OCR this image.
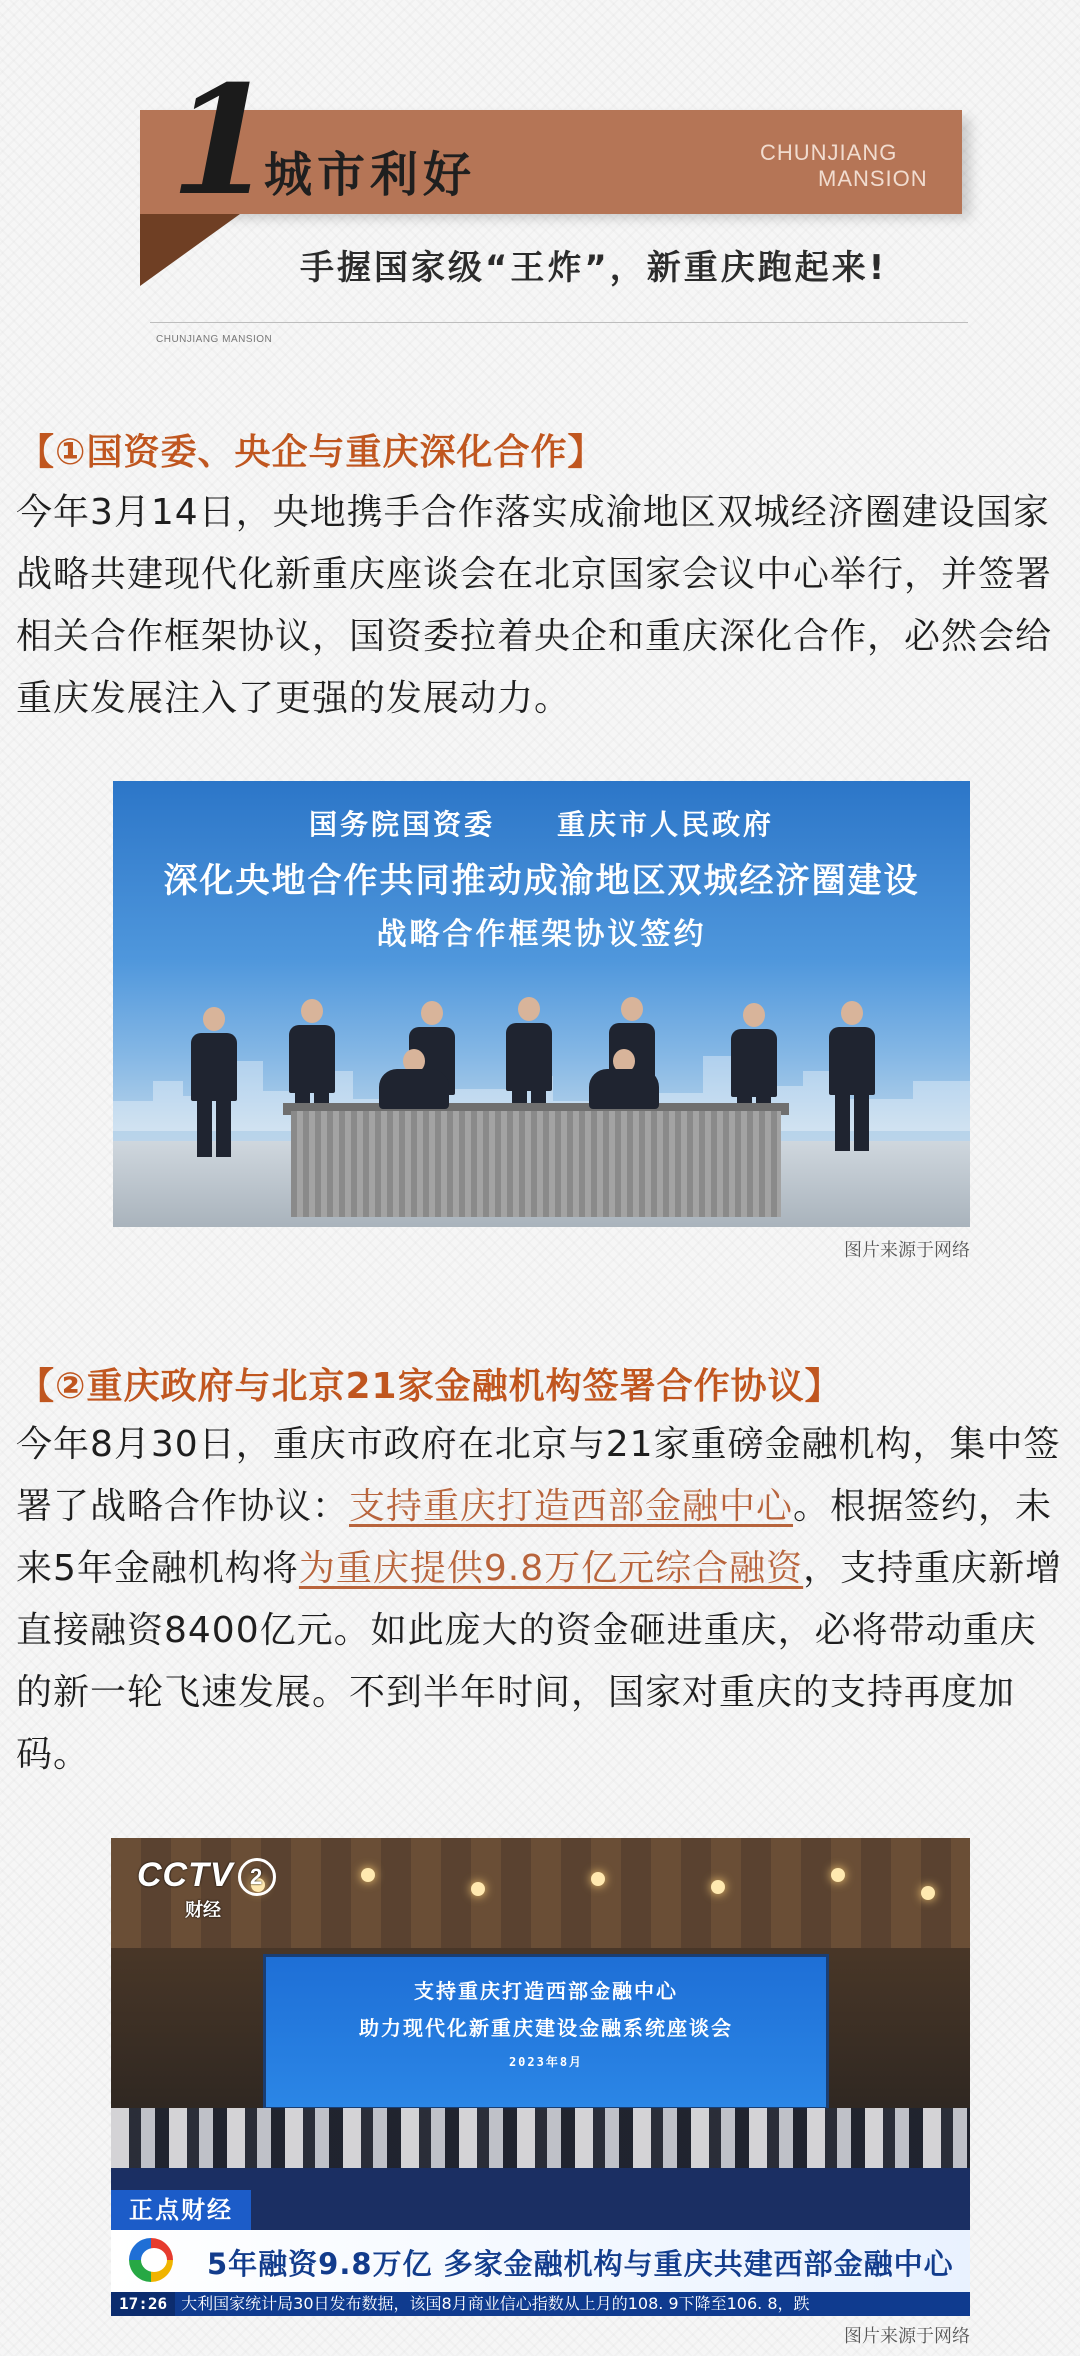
1
城市利好	CHUNJIANG
MANSION
手握国家级“王炸”，新重庆跑起来!
CHUNJIANG MANSION
【①国资委、央企与重庆深化合作】

今年3月14日，央地携手合作落实成渝地区双城经济圈建设国家战略共建现代化新重庆座谈会在北京国家会议中心举行，并签署相关合作框架协议，国资委拉着央企和重庆深化合作，必然会给重庆发展注入了更强的发展动力。

国务院国资委　　重庆市人民政府
深化央地合作共同推动成渝地区双城经济圈建设
战略合作框架协议签约
图片来源于网络
【②重庆政府与北京21家金融机构签署合作协议】

今年8月30日，重庆市政府在北京与21家重磅金融机构，集中签署了战略合作协议：支持重庆打造西部金融中心。根据签约，未来5年金融机构将为重庆提供9.8万亿元综合融资，支持重庆新增直接融资8400亿元。如此庞大的资金砸进重庆，必将带动重庆的新一轮飞速发展。不到半年时间，国家对重庆的支持再度加码。

CCTV 2
财经
支持重庆打造西部金融中心
助力现代化新重庆建设金融系统座谈会
2023年8月
正点财经
5年融资9.8万亿 多家金融机构与重庆共建西部金融中心
17:26 大利国家统计局30日发布数据，该国8月商业信心指数从上月的108. 9下降至106. 8，跌
图片来源于网络
